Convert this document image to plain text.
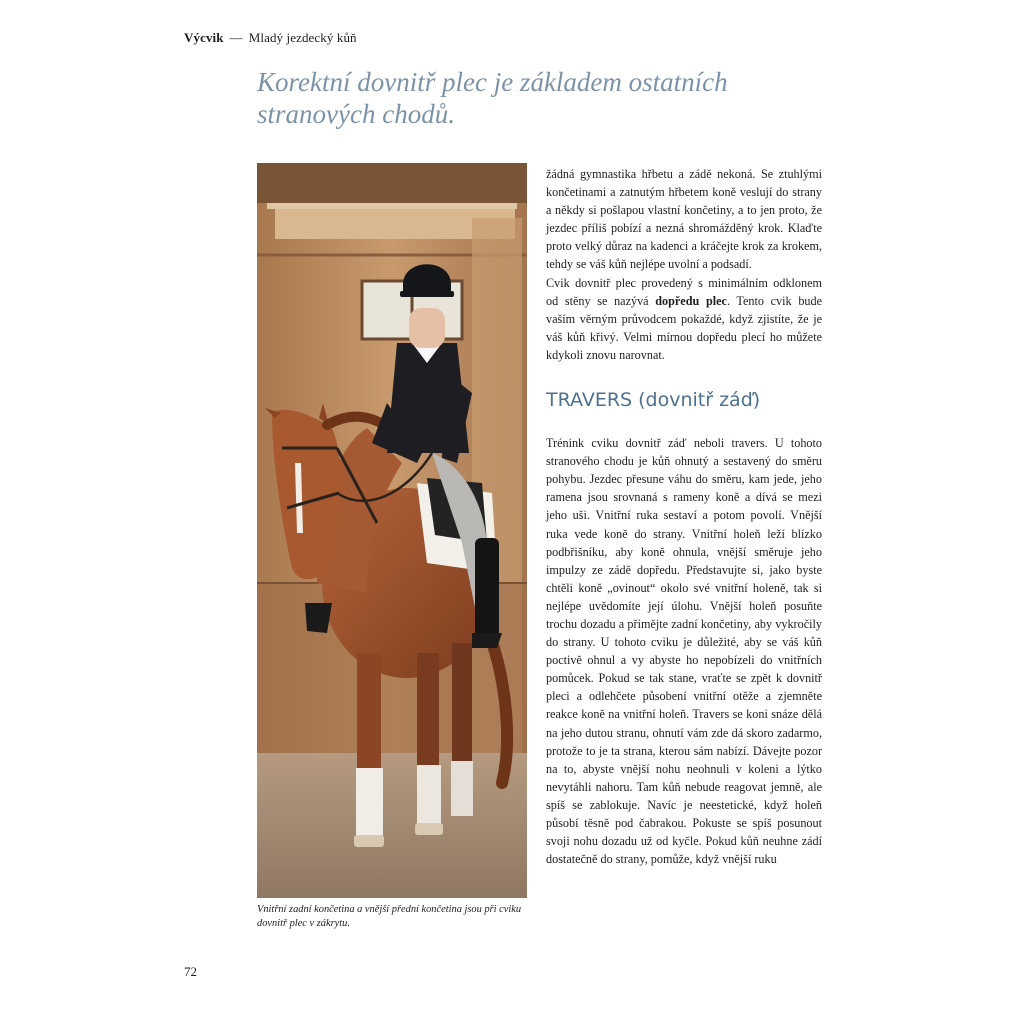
Výcvik — Mladý jezdecký kůň
Korektní dovnitř plec je základem ostatních stranových chodů.
Vnitřní zadní končetina a vnější přední končetina jsou při cviku dovnitř plec v zákrytu.

žádná gymnastika hřbetu a zádě nekoná. Se ztuhlými končetinami a zatnutým hřbetem koně veslují do strany a někdy si pošlapou vlastní končetiny, a to jen proto, že jezdec příliš pobízí a nezná shromážděný krok. Klaďte proto velký důraz na kadenci a kráčejte krok za krokem, tehdy se váš kůň nejlépe uvolní a podsadí.

Cvik dovnitř plec provedený s minimálním odklonem od stěny se nazývá dopředu plec. Tento cvik bude vaším věrným průvodcem pokaždé, když zjistíte, že je váš kůň křivý. Velmi mírnou dopředu plecí ho můžete kdykoli znovu narovnat.

TRAVERS (dovnitř záď)

Trénink cviku dovnitř záď neboli travers. U tohoto stranového chodu je kůň ohnutý a sestavený do směru pohybu. Jezdec přesune váhu do směru, kam jede, jeho ramena jsou srovnaná s rameny koně a dívá se mezi jeho uši. Vnitřní ruka sestaví a potom povolí. Vnější ruka vede koně do strany. Vnitřní holeň leží blízko podbřišníku, aby koně ohnula, vnější směruje jeho impulzy ze zádě dopředu. Představujte si, jako byste chtěli koně „ovinout“ okolo své vnitřní holeně, tak si nejlépe uvědomíte její úlohu. Vnější holeň posuňte trochu dozadu a přimějte zadní končetiny, aby vykročily do strany. U tohoto cviku je důležité, aby se váš kůň poctivě ohnul a vy abyste ho nepobízeli do vnitřních pomůcek. Pokud se tak stane, vraťte se zpět k dovnitř pleci a odlehčete působení vnitřní otěže a zjemněte reakce koně na vnitřní holeň. Travers se koni snáze dělá na jeho dutou stranu, ohnutí vám zde dá skoro zadarmo, protože to je ta strana, kterou sám nabízí. Dávejte pozor na to, abyste vnější nohu neohnuli v koleni a lýtko nevytáhli nahoru. Tam kůň nebude reagovat jemně, ale spíš se zablokuje. Navíc je neestetické, když holeň působí těsně pod čabrakou. Pokuste se spíš posunout svoji nohu dozadu už od kyčle. Pokud kůň neuhne zádí dostatečně do strany, pomůže, když vnější ruku

72
